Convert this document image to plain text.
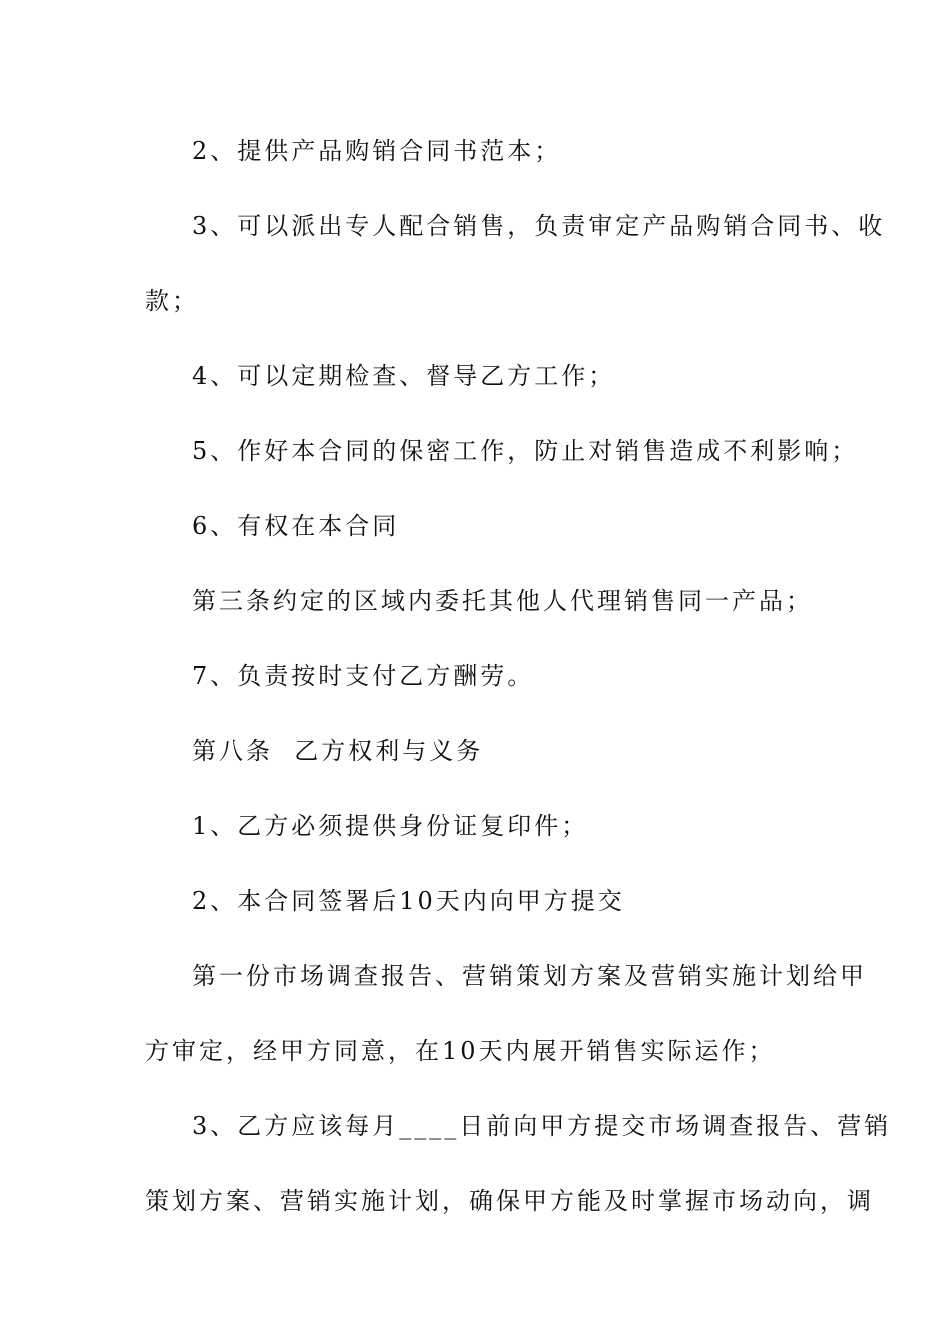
2、提供产品购销合同书范本；
3、可以派出专人配合销售，负责审定产品购销合同书、收
款；
4、可以定期检查、督导乙方工作；
5、作好本合同的保密工作，防止对销售造成不利影响；
6、有权在本合同
第三条约定的区域内委托其他人代理销售同一产品；
7、负责按时支付乙方酬劳。
第八条  乙方权利与义务
1、乙方必须提供身份证复印件；
2、本合同签署后10天内向甲方提交
第一份市场调查报告、营销策划方案及营销实施计划给甲
方审定，经甲方同意，在10天内展开销售实际运作；
3、乙方应该每月____日前向甲方提交市场调查报告、营销
策划方案、营销实施计划，确保甲方能及时掌握市场动向，调
